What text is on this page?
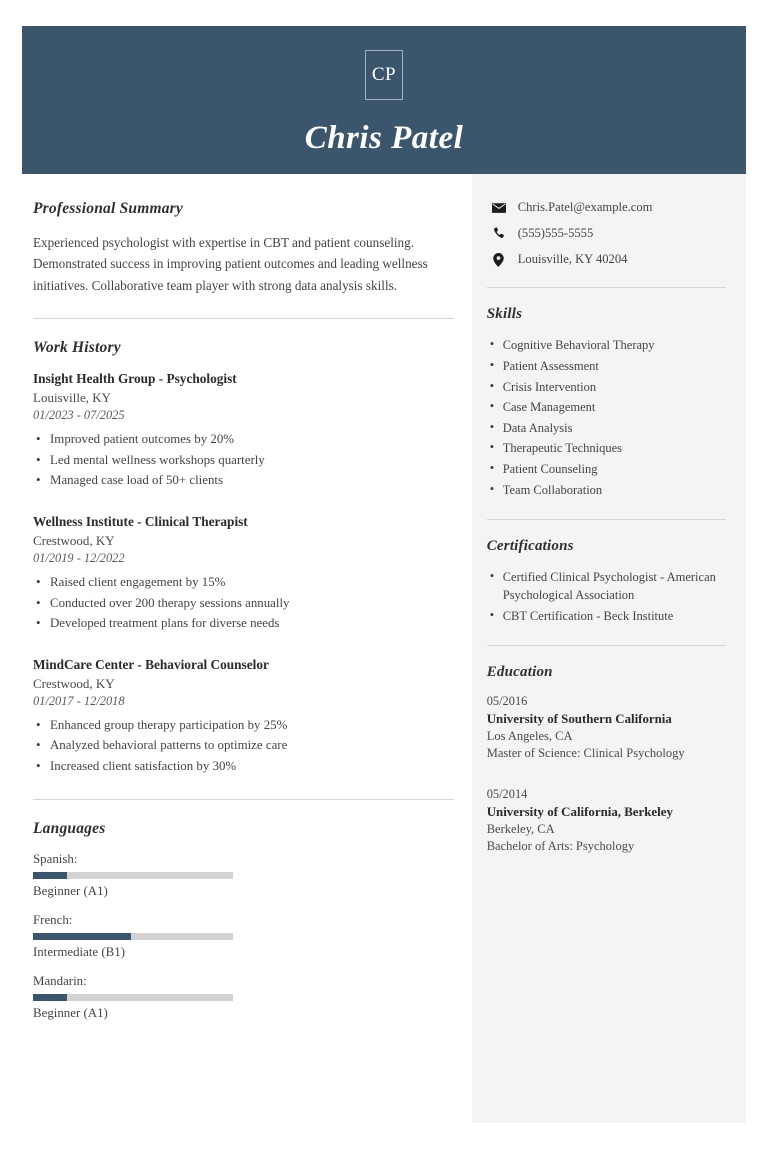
CP
Chris Patel
Professional Summary

Experienced psychologist with expertise in CBT and patient counseling. Demonstrated success in improving patient outcomes and leading wellness initiatives. Collaborative team player with strong data analysis skills.

Work History
Insight Health Group - Psychologist
Louisville, KY
01/2023 - 07/2025
• Improved patient outcomes by 20%
• Led mental wellness workshops quarterly
• Managed case load of 50+ clients
Wellness Institute - Clinical Therapist
Crestwood, KY
01/2019 - 12/2022
• Raised client engagement by 15%
• Conducted over 200 therapy sessions annually
• Developed treatment plans for diverse needs
MindCare Center - Behavioral Counselor
Crestwood, KY
01/2017 - 12/2018
• Enhanced group therapy participation by 25%
• Analyzed behavioral patterns to optimize care
• Increased client satisfaction by 30%
Languages
Spanish:
Beginner (A1)
French:
Intermediate (B1)
Mandarin:
Beginner (A1)
Chris.Patel@example.com
(555)555-5555
Louisville, KY 40204
Skills
• Cognitive Behavioral Therapy
• Patient Assessment
• Crisis Intervention
• Case Management
• Data Analysis
• Therapeutic Techniques
• Patient Counseling
• Team Collaboration
Certifications
• Certified Clinical Psychologist - American Psychological Association
• CBT Certification - Beck Institute
Education
05/2016
University of Southern California
Los Angeles, CA
Master of Science: Clinical Psychology
05/2014
University of California, Berkeley
Berkeley, CA
Bachelor of Arts: Psychology
